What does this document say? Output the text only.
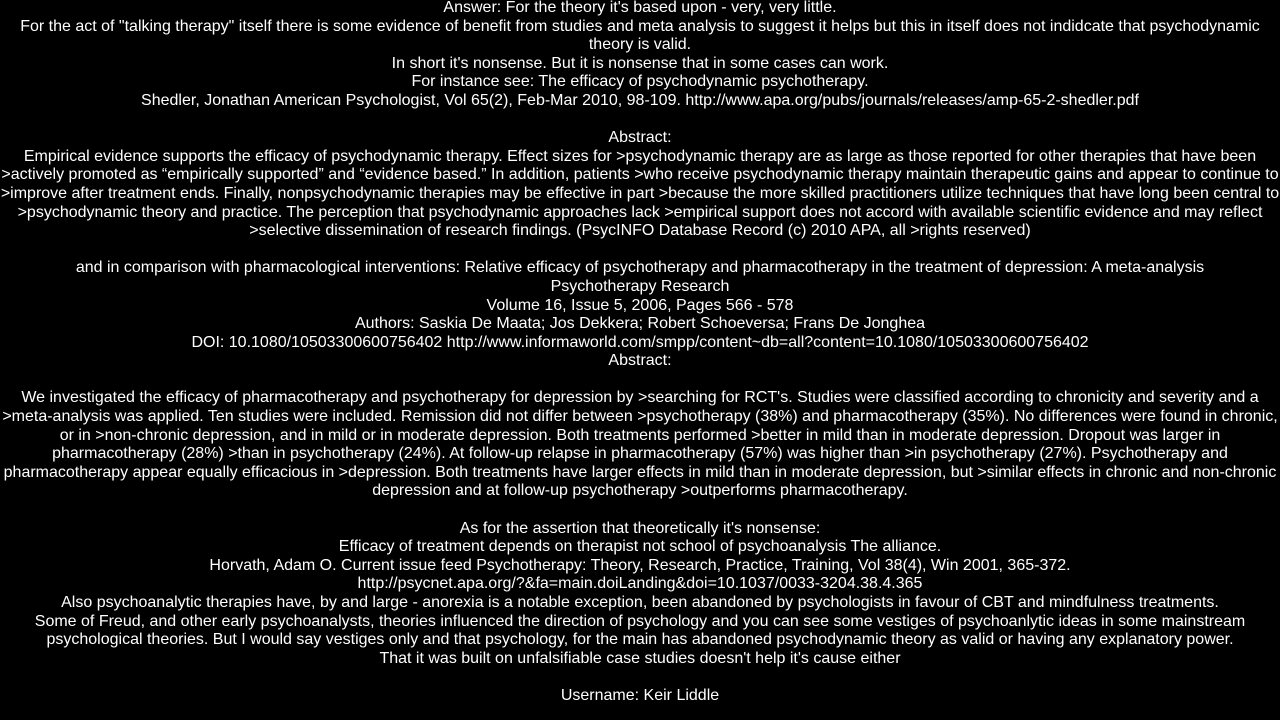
Answer: For the theory it's based upon - very, very little.
For the act of "talking therapy" itself there is some evidence of benefit from studies and meta analysis to suggest it helps but this in itself does not indidcate that psychodynamic theory is valid.
In short it's nonsense. But it is nonsense that in some cases can work.
For instance see: The efficacy of psychodynamic psychotherapy.
Shedler, Jonathan American Psychologist, Vol 65(2), Feb-Mar 2010, 98-109. http://www.apa.org/pubs/journals/releases/amp-65-2-shedler.pdf
Abstract:
Empirical evidence supports the efficacy of psychodynamic therapy. Effect sizes for >psychodynamic therapy are as large as those reported for other therapies that have been >actively promoted as “empirically supported” and “evidence based.” In addition, patients >who receive psychodynamic therapy maintain therapeutic gains and appear to continue to >improve after treatment ends. Finally, nonpsychodynamic therapies may be effective in part >because the more skilled practitioners utilize techniques that have long been central to >psychodynamic theory and practice. The perception that psychodynamic approaches lack >empirical support does not accord with available scientific evidence and may reflect >selective dissemination of research findings. (PsycINFO Database Record (c) 2010 APA, all >rights reserved)
and in comparison with pharmacological interventions: Relative efficacy of psychotherapy and pharmacotherapy in the treatment of depression: A meta-analysis
Psychotherapy Research
Volume 16, Issue 5, 2006, Pages 566 - 578
Authors: Saskia De Maata; Jos Dekkera; Robert Schoeversa; Frans De Jonghea
DOI: 10.1080/10503300600756402 http://www.informaworld.com/smpp/content~db=all?content=10.1080/10503300600756402
Abstract:
We investigated the efficacy of pharmacotherapy and psychotherapy for depression by >searching for RCT's. Studies were classified according to chronicity and severity and a >meta-analysis was applied. Ten studies were included. Remission did not differ between >psychotherapy (38%) and pharmacotherapy (35%). No differences were found in chronic, or in >non-chronic depression, and in mild or in moderate depression. Both treatments performed >better in mild than in moderate depression. Dropout was larger in pharmacotherapy (28%) >than in psychotherapy (24%). At follow-up relapse in pharmacotherapy (57%) was higher than >in psychotherapy (27%). Psychotherapy and pharmacotherapy appear equally efficacious in >depression. Both treatments have larger effects in mild than in moderate depression, but >similar effects in chronic and non-chronic depression and at follow-up psychotherapy >outperforms pharmacotherapy.
As for the assertion that theoretically it's nonsense:
Efficacy of treatment depends on therapist not school of psychoanalysis The alliance.
Horvath, Adam O. Current issue feed Psychotherapy: Theory, Research, Practice, Training, Vol 38(4), Win 2001, 365-372.
http://psycnet.apa.org/?&fa=main.doiLanding&doi=10.1037/0033-3204.38.4.365
Also psychoanalytic therapies have, by and large - anorexia is a notable exception, been abandoned by psychologists in favour of CBT and mindfulness treatments.
Some of Freud, and other early psychoanalysts, theories influenced the direction of psychology and you can see some vestiges of psychoanlytic ideas in some mainstream psychological theories. But I would say vestiges only and that psychology, for the main has abandoned psychodynamic theory as valid or having any explanatory power.
That it was built on unfalsifiable case studies doesn't help it's cause either
Username: Keir Liddle
